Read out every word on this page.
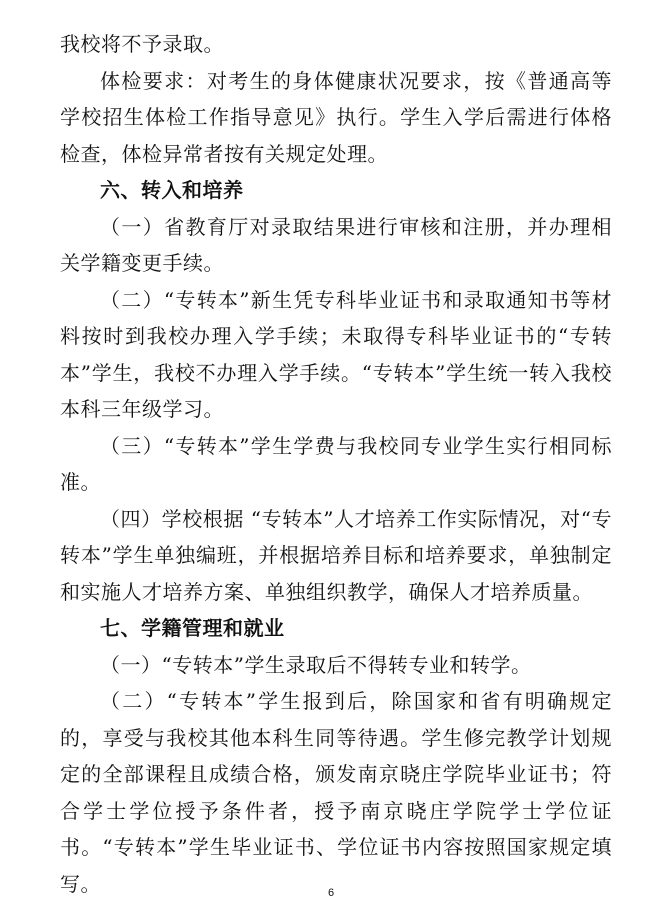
我校将不予录取。

体检要求：对考生的身体健康状况要求，按《普通高等学校招生体检工作指导意见》执行。学生入学后需进行体格检查，体检异常者按有关规定处理。

六、转入和培养

（一）省教育厅对录取结果进行审核和注册，并办理相关学籍变更手续。

（二）“专转本”新生凭专科毕业证书和录取通知书等材料按时到我校办理入学手续；未取得专科毕业证书的“专转本”学生，我校不办理入学手续。“专转本”学生统一转入我校本科三年级学习。

（三）“专转本”学生学费与我校同专业学生实行相同标准。

（四）学校根据 “专转本”人才培养工作实际情况，对“专转本”学生单独编班，并根据培养目标和培养要求，单独制定和实施人才培养方案、单独组织教学，确保人才培养质量。

七、学籍管理和就业

（一）“专转本”学生录取后不得转专业和转学。

（二）“专转本”学生报到后，除国家和省有明确规定的，享受与我校其他本科生同等待遇。学生修完教学计划规定的全部课程且成绩合格，颁发南京晓庄学院毕业证书；符合学士学位授予条件者，授予南京晓庄学院学士学位证书。“专转本”学生毕业证书、学位证书内容按照国家规定填写。	6
